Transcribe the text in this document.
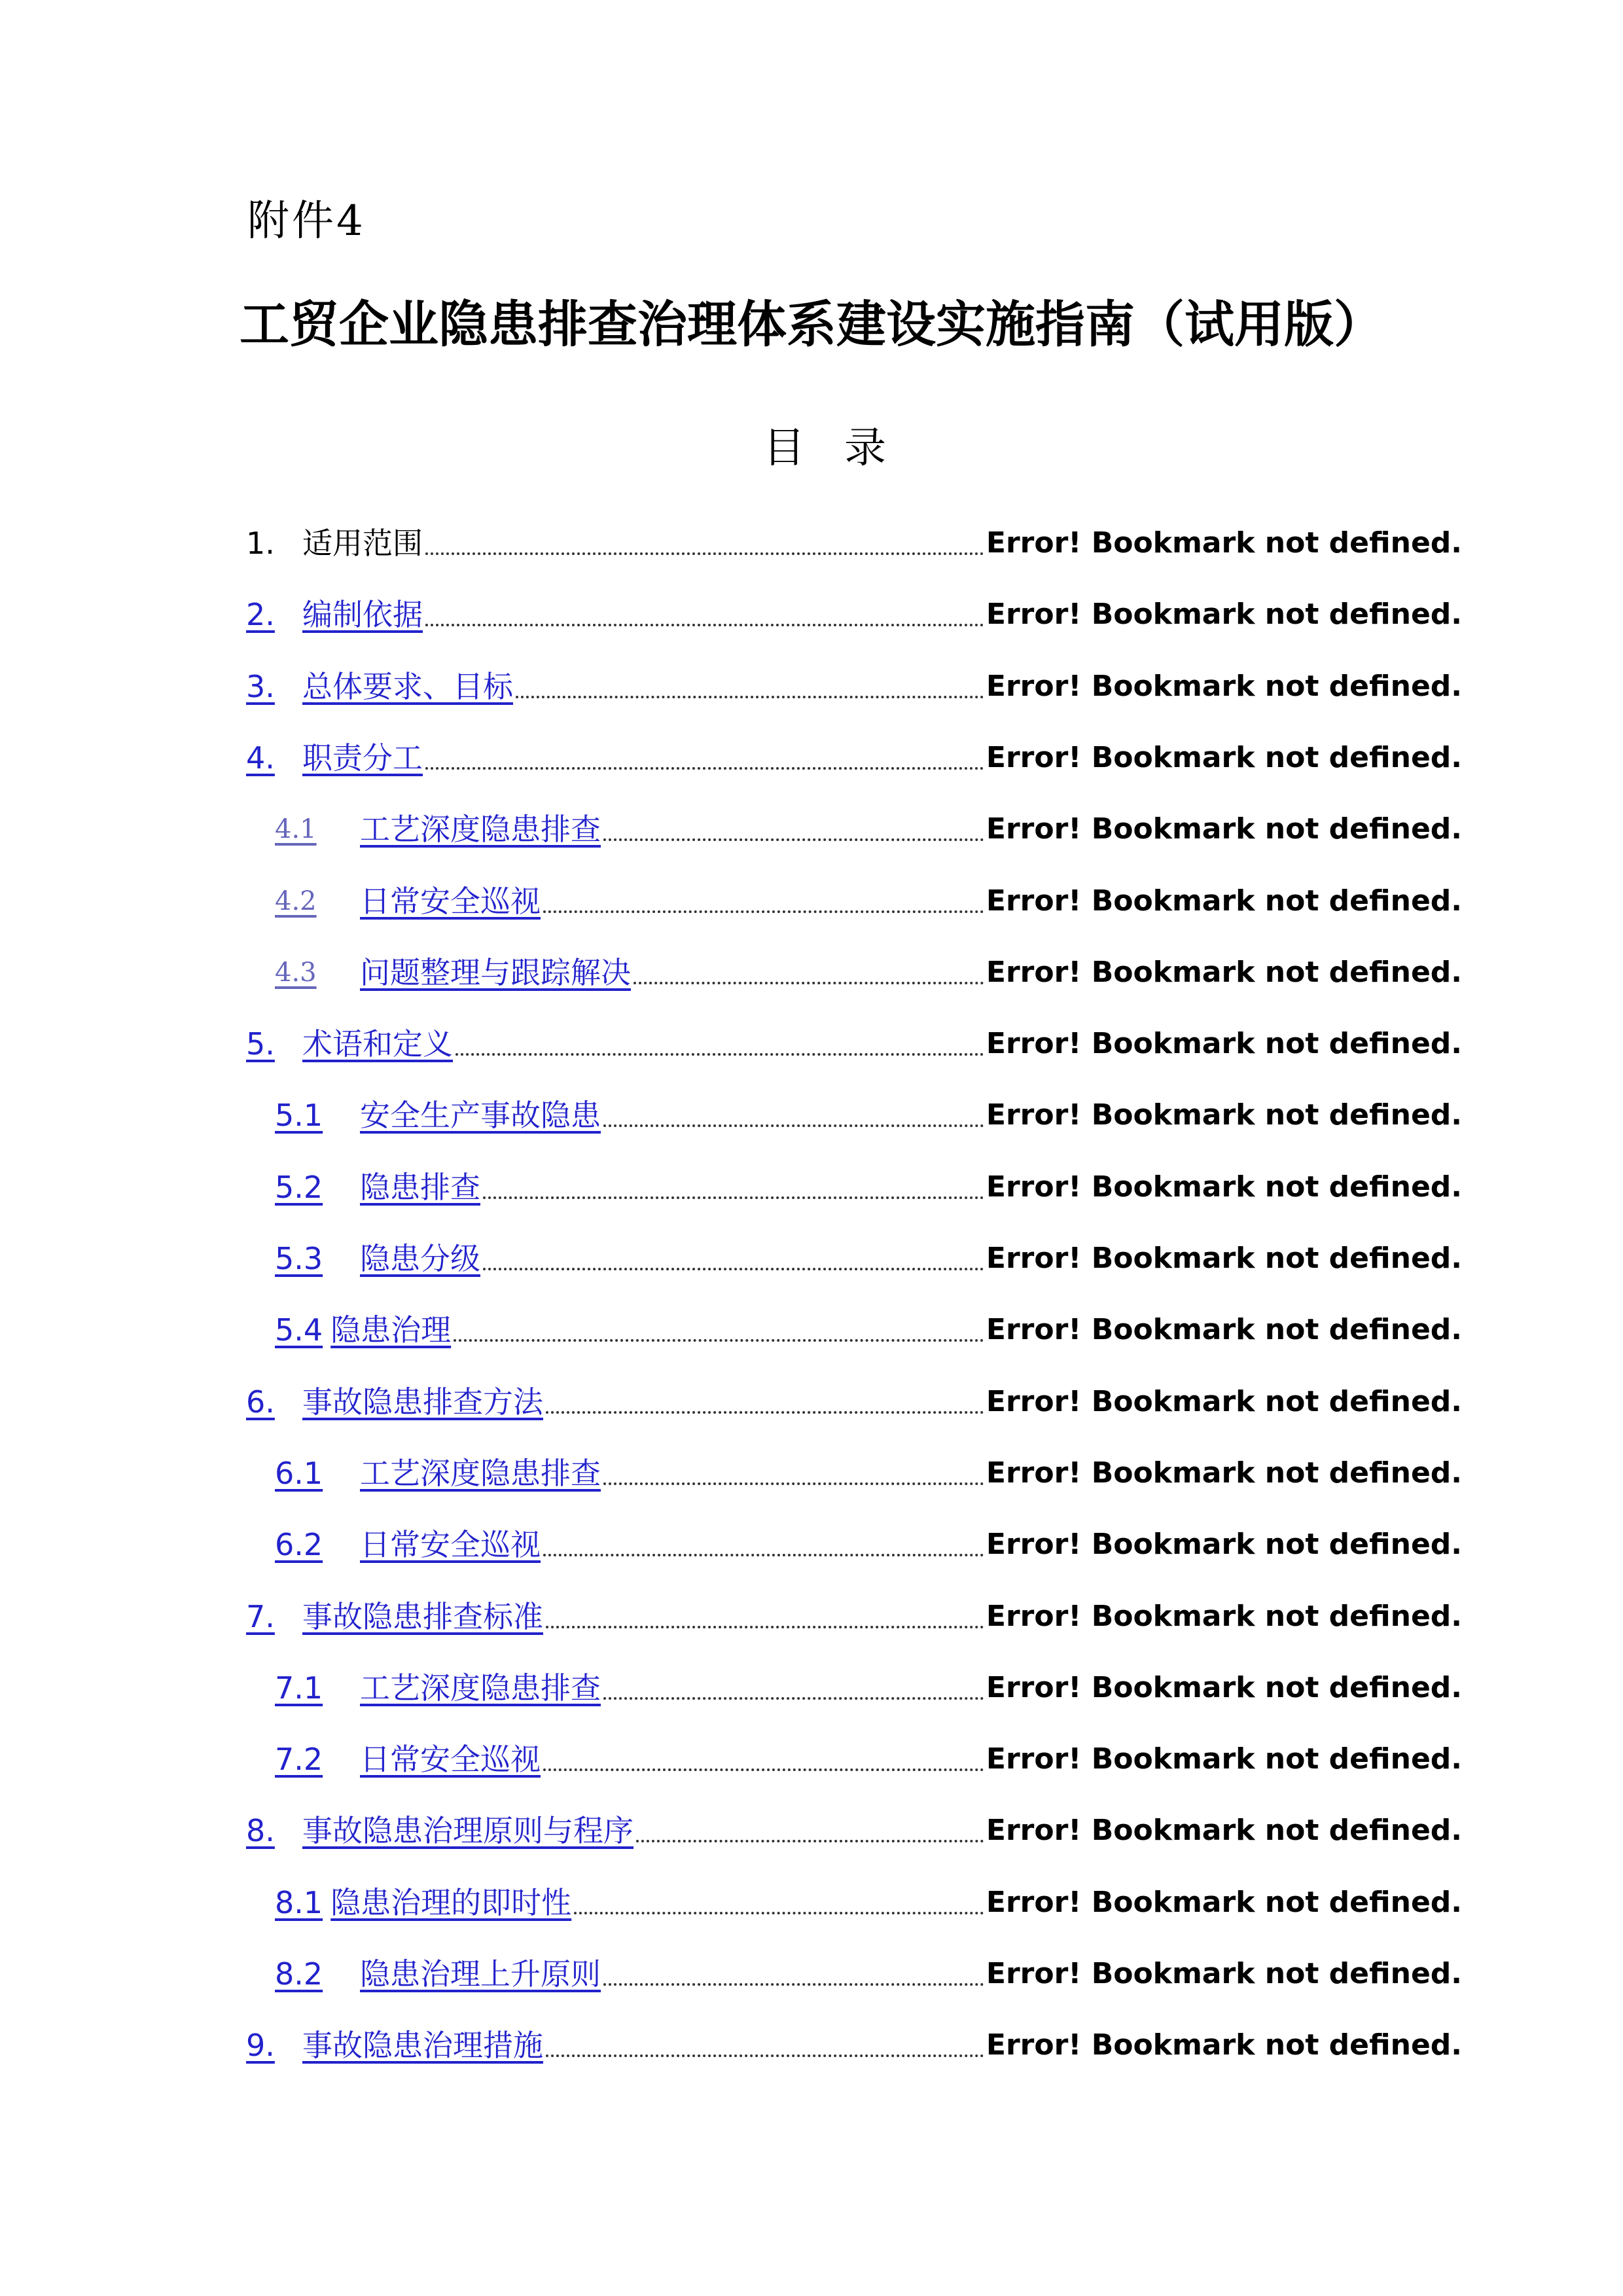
附件4
工贸企业隐患排查治理体系建设实施指南（试用版）
目录
1. 适用范围	Error! Bookmark not defined.
2. 编制依据	Error! Bookmark not defined.
3. 总体要求、目标	Error! Bookmark not defined.
4. 职责分工	Error! Bookmark not defined.
4.1	工艺深度隐患排查	Error! Bookmark not defined.
4.2	日常安全巡视	Error! Bookmark not defined.
4.3	问题整理与跟踪解决	Error! Bookmark not defined.
5. 术语和定义	Error! Bookmark not defined.
5.1	安全生产事故隐患	Error! Bookmark not defined.
5.2	隐患排查	Error! Bookmark not defined.
5.3	隐患分级	Error! Bookmark not defined.
5.4 隐患治理	Error! Bookmark not defined.
6. 事故隐患排查方法	Error! Bookmark not defined.
6.1	工艺深度隐患排查	Error! Bookmark not defined.
6.2	日常安全巡视	Error! Bookmark not defined.
7. 事故隐患排查标准	Error! Bookmark not defined.
7.1	工艺深度隐患排查	Error! Bookmark not defined.
7.2	日常安全巡视	Error! Bookmark not defined.
8. 事故隐患治理原则与程序	Error! Bookmark not defined.
8.1 隐患治理的即时性	Error! Bookmark not defined.
8.2	隐患治理上升原则	Error! Bookmark not defined.
9. 事故隐患治理措施	Error! Bookmark not defined.
